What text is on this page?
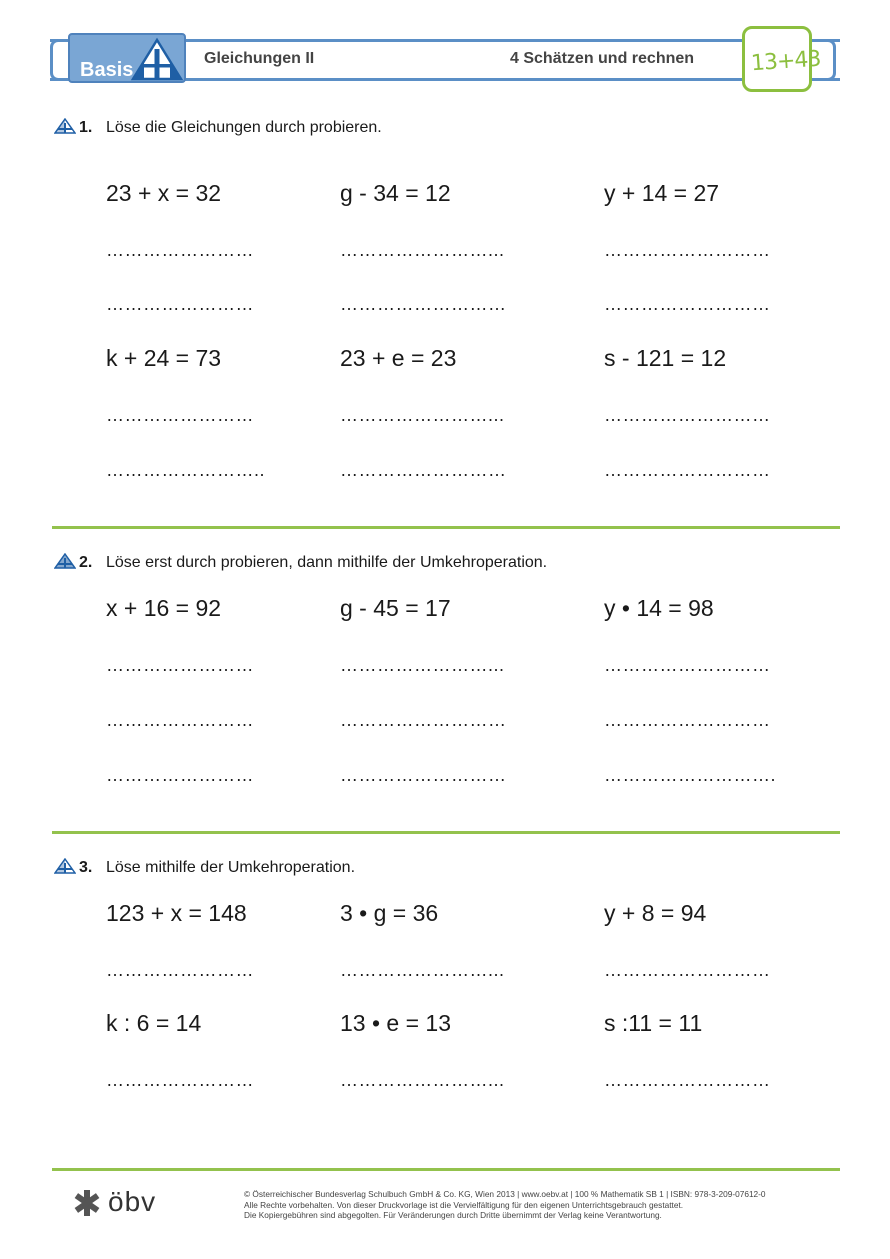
Basis
Gleichungen II	4 Schätzen und rechnen	13+43
1. Löse die Gleichungen durch probieren.
23 + x = 32	g - 34 = 12	y + 14 = 27
……………………	……………………...	………………………
……………………	………………………	………………………
k + 24 = 73	23 + e = 23	s - 121 = 12
……………………	……………………...	………………………
……………………..	………………………	………………………
2. Löse erst durch probieren, dann mithilfe der Umkehroperation.
x + 16 = 92	g - 45 = 17	y • 14 = 98
……………………	……………………...	………………………
……………………	………………………	………………………
……………………	………………………	……………………….
3. Löse mithilfe der Umkehroperation.
123 + x = 148	3 • g = 36	y + 8 = 94
……………………	……………………...	………………………
k : 6 = 14	13 • e = 13	s :11 = 11
……………………	……………………...	………………………
öbv	© Österreichischer Bundesverlag Schulbuch GmbH & Co. KG, Wien 2013 | www.oebv.at | 100 % Mathematik SB 1 | ISBN: 978-3-209-07612-0
Alle Rechte vorbehalten. Von dieser Druckvorlage ist die Vervielfältigung für den eigenen Unterrichtsgebrauch gestattet.
Die Kopiergebühren sind abgegolten. Für Veränderungen durch Dritte übernimmt der Verlag keine Verantwortung.
